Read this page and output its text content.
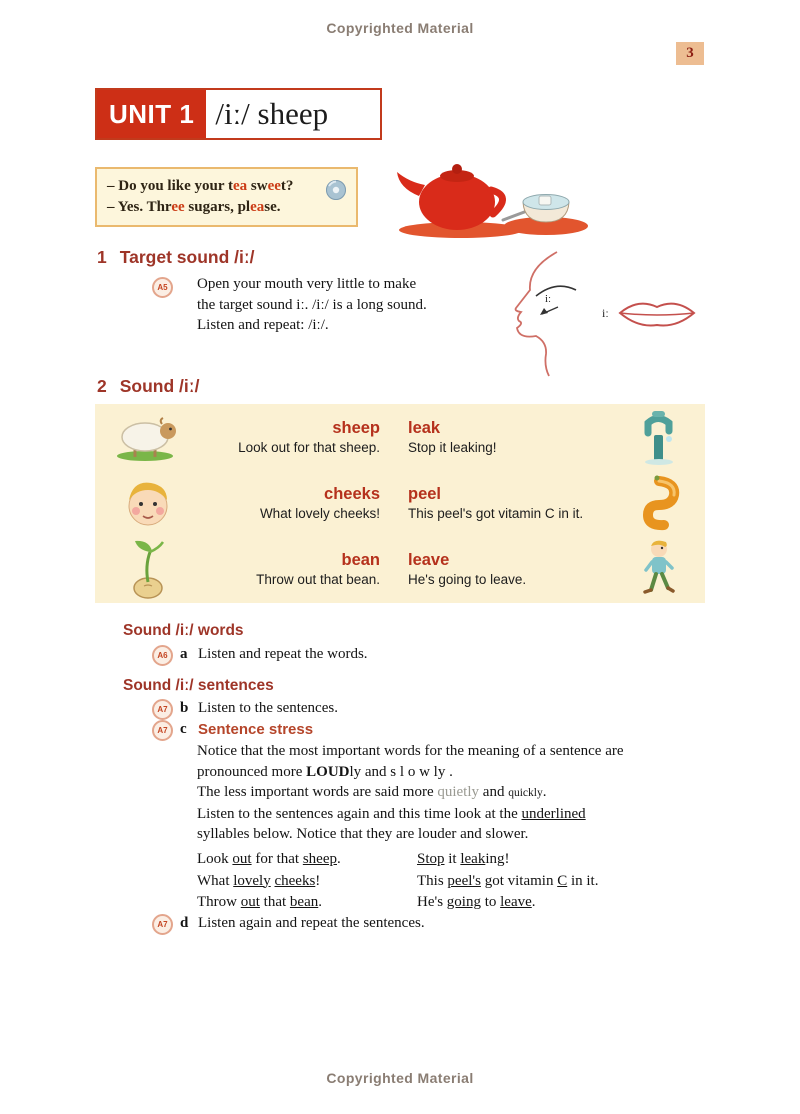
Copyrighted Material
3
UNIT 1 /iː/ sheep
– Do you like your tea sweet?
– Yes. Three sugars, please.
1 Target sound /iː/
A5	Open your mouth very little to make
the target sound iː. /iː/ is a long sound.
Listen and repeat: /iː/.
iː
iː
2 Sound /iː/
sheep
Look out for that sheep.
leak
Stop it leaking!
cheeks
What lovely cheeks!
peel
This peel's got vitamin C in it.
bean
Throw out that bean.
leave
He's going to leave.
Sound /iː/ words
A6 a Listen and repeat the words.
Sound /iː/ sentences
A7 b Listen to the sentences.
A7 c Sentence stress
Notice that the most important words for the meaning of a sentence are
pronounced more LOUDly and s l o w ly .
The less important words are said more quietly and quickly.
Listen to the sentences again and this time look at the underlined
syllables below. Notice that they are louder and slower.
Look out for that sheep.
What lovely cheeks!
Throw out that bean.
Stop it leaking!
This peel's got vitamin C in it.
He's going to leave.
A7 d Listen again and repeat the sentences.
Copyrighted Material
